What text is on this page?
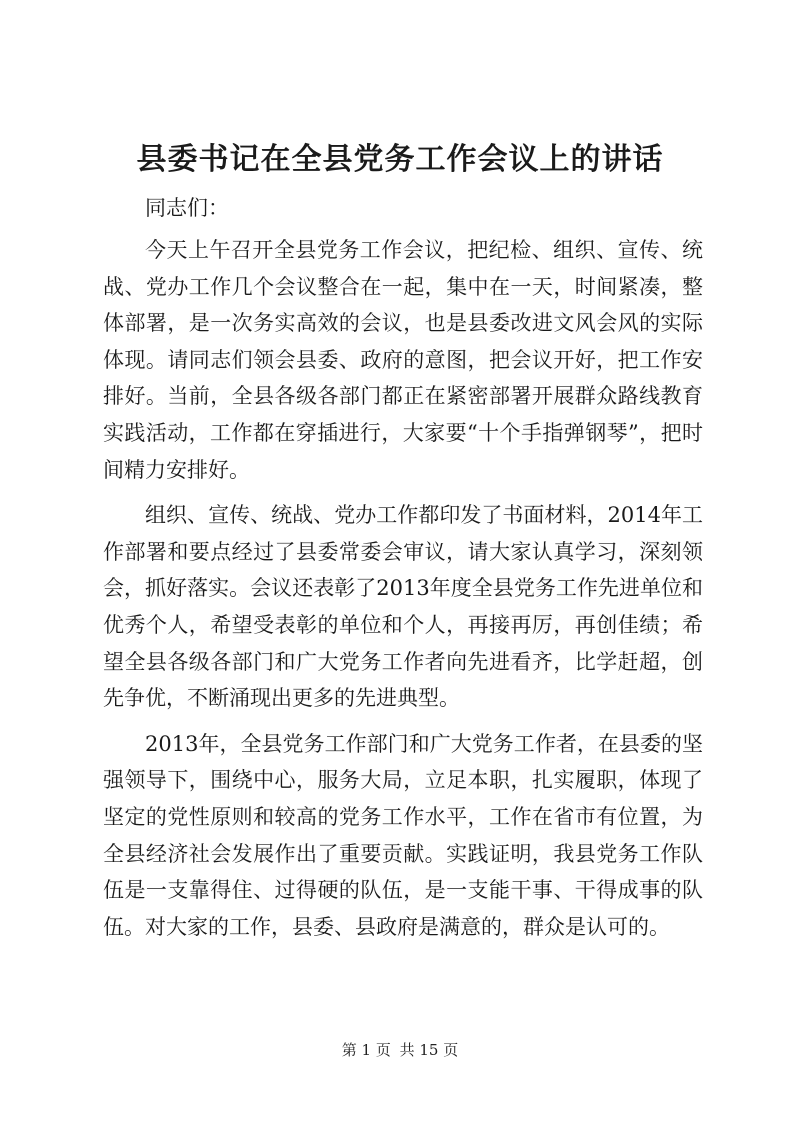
县委书记在全县党务工作会议上的讲话

同志们：

今天上午召开全县党务工作会议，把纪检、组织、宣传、统战、党办工作几个会议整合在一起，集中在一天，时间紧凑，整体部署，是一次务实高效的会议，也是县委改进文风会风的实际体现。请同志们领会县委、政府的意图，把会议开好，把工作安排好。当前，全县各级各部门都正在紧密部署开展群众路线教育实践活动，工作都在穿插进行，大家要“十个手指弹钢琴”，把时间精力安排好。

组织、宣传、统战、党办工作都印发了书面材料，2014年工作部署和要点经过了县委常委会审议，请大家认真学习，深刻领会，抓好落实。会议还表彰了2013年度全县党务工作先进单位和优秀个人，希望受表彰的单位和个人，再接再厉，再创佳绩；希望全县各级各部门和广大党务工作者向先进看齐，比学赶超，创先争优，不断涌现出更多的先进典型。

2013年，全县党务工作部门和广大党务工作者，在县委的坚强领导下，围绕中心，服务大局，立足本职，扎实履职，体现了坚定的党性原则和较高的党务工作水平，工作在省市有位置，为全县经济社会发展作出了重要贡献。实践证明，我县党务工作队伍是一支靠得住、过得硬的队伍，是一支能干事、干得成事的队伍。对大家的工作，县委、县政府是满意的，群众是认可的。

第 1 页 共 15 页
